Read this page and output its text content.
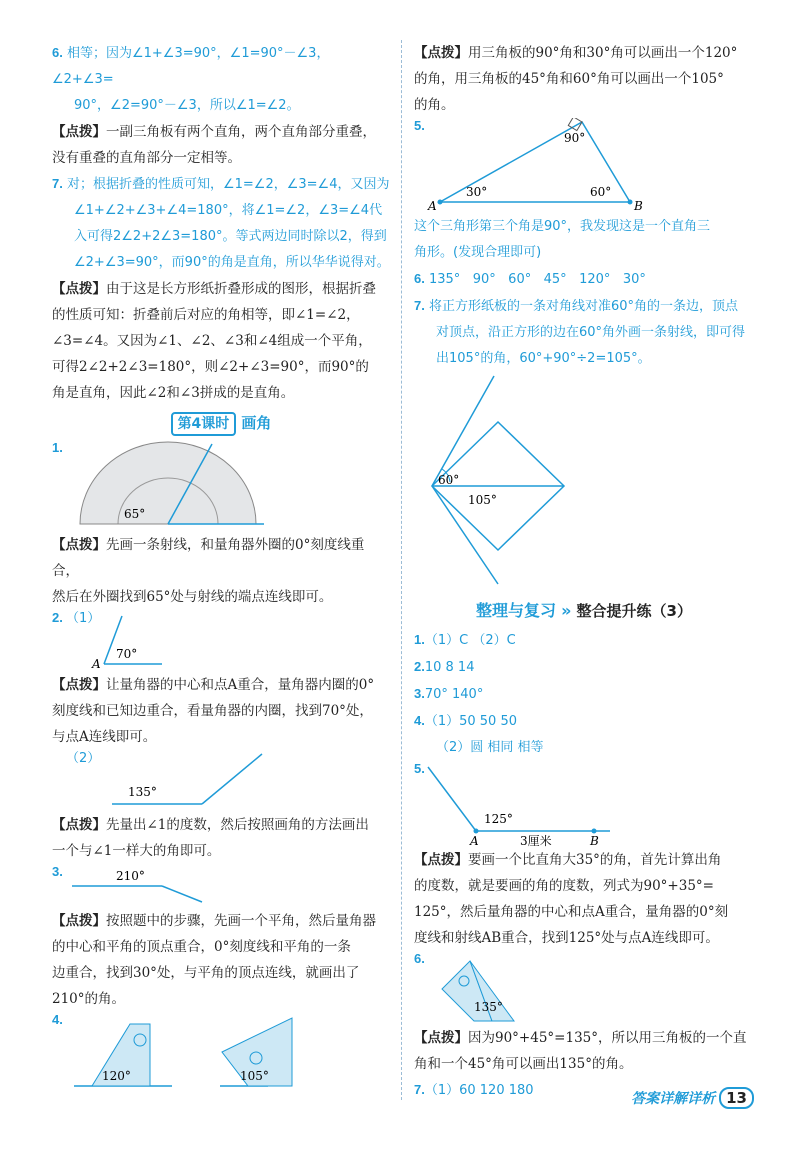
6. 相等；因为∠1+∠3=90°，∠1=90°－∠3，∠2+∠3=

90°，∠2=90°－∠3，所以∠1=∠2。

【点拨】一副三角板有两个直角，两个直角部分重叠，

没有重叠的直角部分一定相等。

7. 对；根据折叠的性质可知，∠1=∠2，∠3=∠4，又因为

∠1+∠2+∠3+∠4=180°，将∠1=∠2，∠3=∠4代

入可得2∠2+2∠3=180°。等式两边同时除以2，得到

∠2+∠3=90°，而90°的角是直角，所以华华说得对。

【点拨】由于这是长方形纸折叠形成的图形，根据折叠

的性质可知：折叠前后对应的角相等，即∠1=∠2，

∠3=∠4。又因为∠1、∠2、∠3和∠4组成一个平角，

可得2∠2+2∠3=180°，则∠2+∠3=90°，而90°的

角是直角，因此∠2和∠3拼成的是直角。

第4课时 画角
1.
65°

【点拨】先画一条射线，和量角器外圈的0°刻度线重合，

然后在外圈找到65°处与射线的端点连线即可。

2. （1）
A
70°

【点拨】让量角器的中心和点A重合，量角器内圈的0°

刻度线和已知边重合，看量角器的内圈，找到70°处，

与点A连线即可。

（2）
135°

【点拨】先量出∠1的度数，然后按照画角的方法画出

一个与∠1一样大的角即可。

3.	210°

【点拨】按照题中的步骤，先画一个平角，然后量角器

的中心和平角的顶点重合，0°刻度线和平角的一条

边重合，找到30°处，与平角的顶点连线，就画出了

210°的角。

4.
120°	105°

【点拨】用三角板的90°角和30°角可以画出一个120°

的角，用三角板的45°角和60°角可以画出一个105°

的角。

5.
90°
30°	60°
A	B

这个三角形第三个角是90°，我发现这是一个直角三

角形。(发现合理即可)

6. 135° 90° 60° 45° 120° 30°

7. 将正方形纸板的一条对角线对准60°角的一条边，顶点

对顶点，沿正方形的边在60°角外画一条射线，即可得

出105°的角，60°+90°÷2=105°。

60°
105°
整理与复习 » 整合提升练（3）

1.（1）C （2）C

2.10 8 14

3.70° 140°

4.（1）50 50 50

（2）圆 相同 相等

5.
125°
A	B
3厘米

【点拨】要画一个比直角大35°的角，首先计算出角

的度数，就是要画的角的度数，列式为90°+35°=

125°，然后量角器的中心和点A重合，量角器的0°刻

度线和射线AB重合，找到125°处与点A连线即可。

6.
135°

【点拨】因为90°+45°=135°，所以用三角板的一个直

角和一个45°角可以画出135°的角。

7.（1）60 120 180

答案详解详析 13
